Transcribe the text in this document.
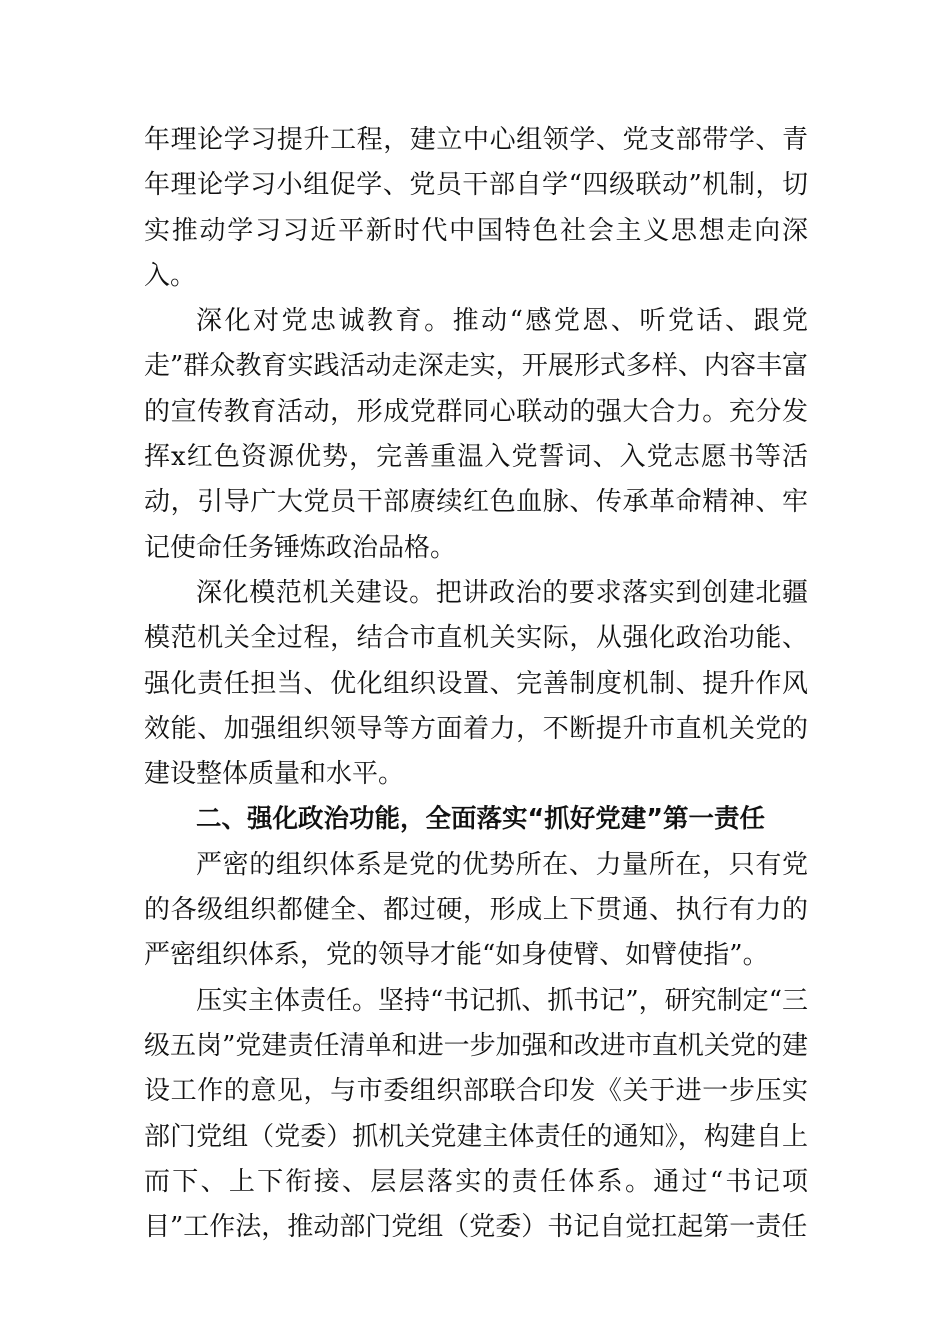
年理论学习提升工程，建立中心组领学、党支部带学、青年理论学习小组促学、党员干部自学“四级联动”机制，切实推动学习习近平新时代中国特色社会主义思想走向深入。

深化对党忠诚教育。推动“感党恩、听党话、跟党走”群众教育实践活动走深走实，开展形式多样、内容丰富的宣传教育活动，形成党群同心联动的强大合力。充分发挥x红色资源优势，完善重温入党誓词、入党志愿书等活动，引导广大党员干部赓续红色血脉、传承革命精神、牢记使命任务锤炼政治品格。

深化模范机关建设。把讲政治的要求落实到创建北疆模范机关全过程，结合市直机关实际，从强化政治功能、强化责任担当、优化组织设置、完善制度机制、提升作风效能、加强组织领导等方面着力，不断提升市直机关党的建设整体质量和水平。

二、强化政治功能，全面落实“抓好党建”第一责任

严密的组织体系是党的优势所在、力量所在，只有党的各级组织都健全、都过硬，形成上下贯通、执行有力的严密组织体系，党的领导才能“如身使臂、如臂使指”。

压实主体责任。坚持“书记抓、抓书记”，研究制定“三级五岗”党建责任清单和进一步加强和改进市直机关党的建设工作的意见，与市委组织部联合印发《关于进一步压实部门党组（党委）抓机关党建主体责任的通知》，构建自上而下、上下衔接、层层落实的责任体系。通过“书记项目”工作法，推动部门党组（党委）书记自觉扛起第一责任
